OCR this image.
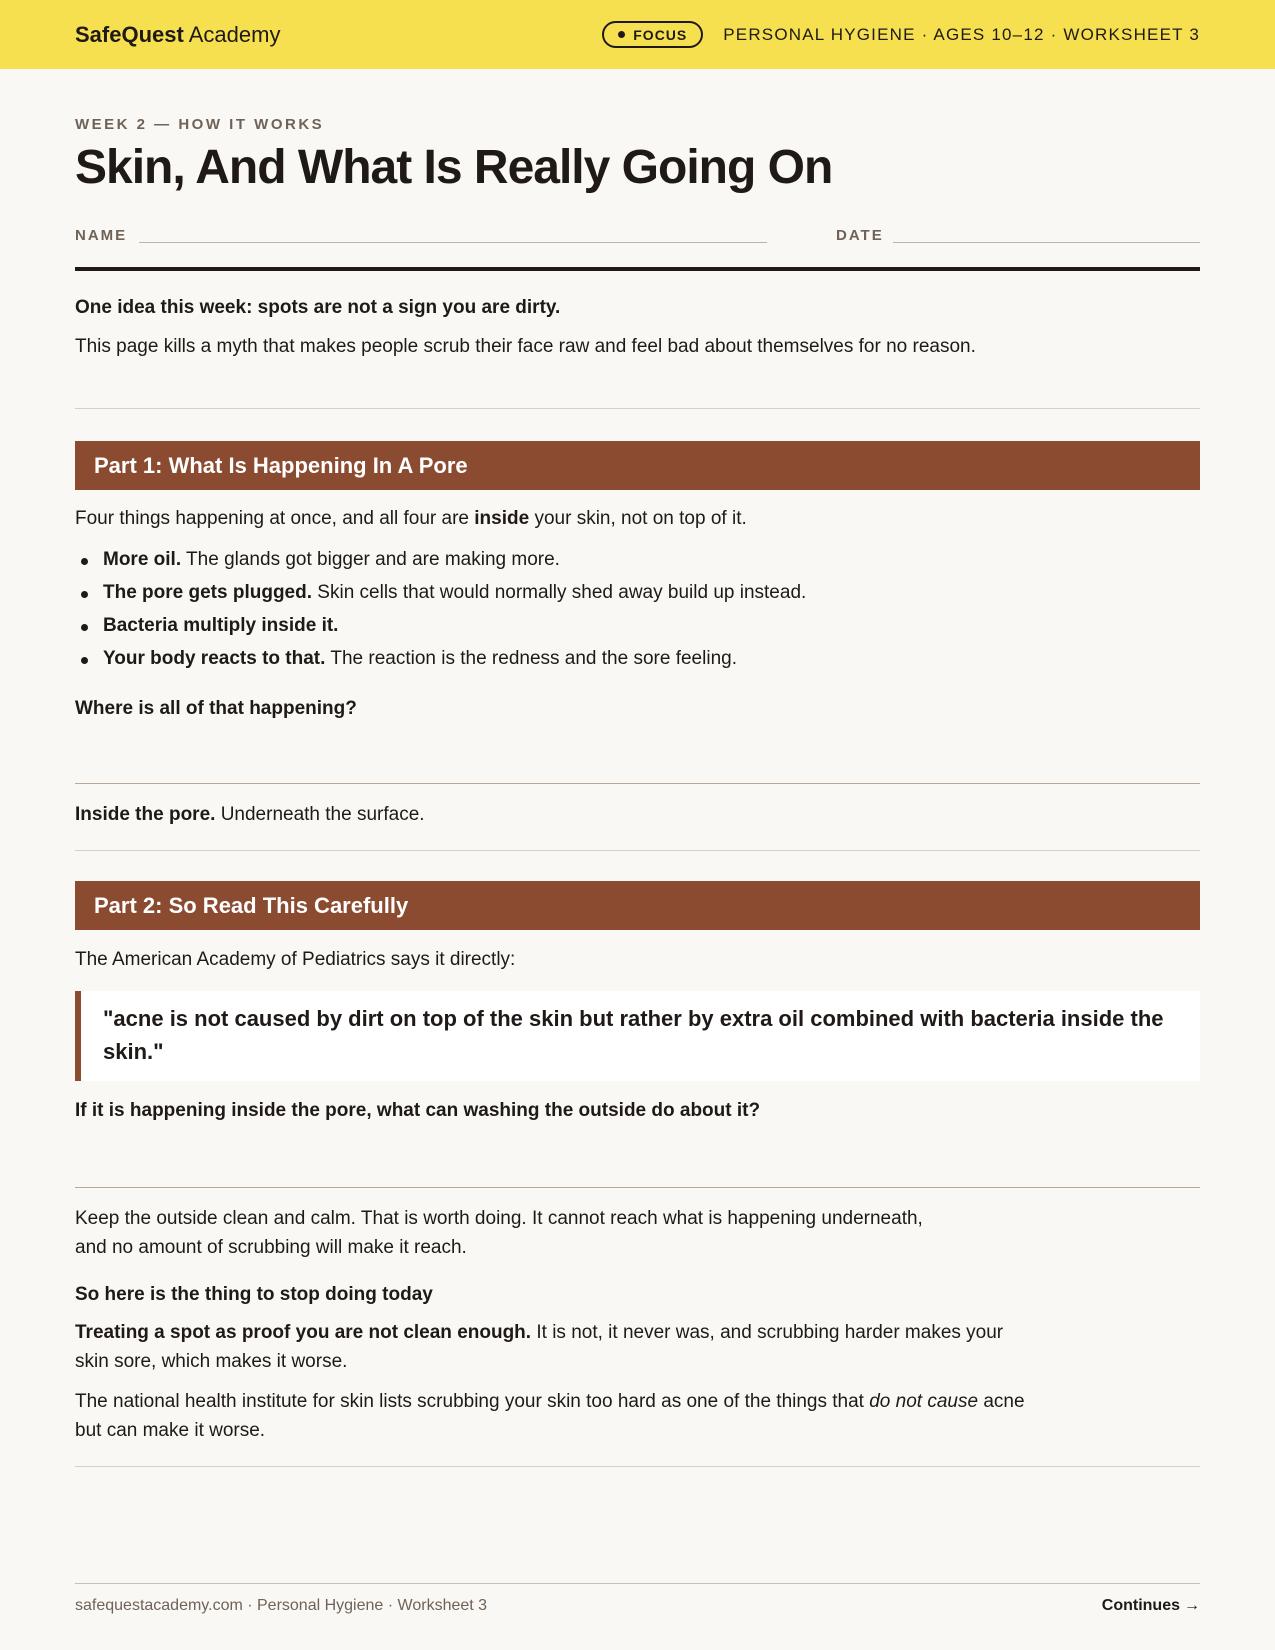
SafeQuest Academy	FOCUS PERSONAL HYGIENE · AGES 10–12 · WORKSHEET 3
WEEK 2 — HOW IT WORKS
Skin, And What Is Really Going On
NAME	DATE
One idea this week: spots are not a sign you are dirty.
This page kills a myth that makes people scrub their face raw and feel bad about themselves for no reason.
Part 1: What Is Happening In A Pore
Four things happening at once, and all four are inside your skin, not on top of it.
More oil. The glands got bigger and are making more.
The pore gets plugged. Skin cells that would normally shed away build up instead.
Bacteria multiply inside it.
Your body reacts to that. The reaction is the redness and the sore feeling.
Where is all of that happening?
Inside the pore. Underneath the surface.
Part 2: So Read This Carefully
The American Academy of Pediatrics says it directly:
"acne is not caused by dirt on top of the skin but rather by extra oil combined with bacteria inside the skin."
If it is happening inside the pore, what can washing the outside do about it?
Keep the outside clean and calm. That is worth doing. It cannot reach what is happening underneath, and no amount of scrubbing will make it reach.
So here is the thing to stop doing today
Treating a spot as proof you are not clean enough. It is not, it never was, and scrubbing harder makes your skin sore, which makes it worse.
The national health institute for skin lists scrubbing your skin too hard as one of the things that do not cause acne but can make it worse.
safequestacademy.com · Personal Hygiene · Worksheet 3	Continues →
